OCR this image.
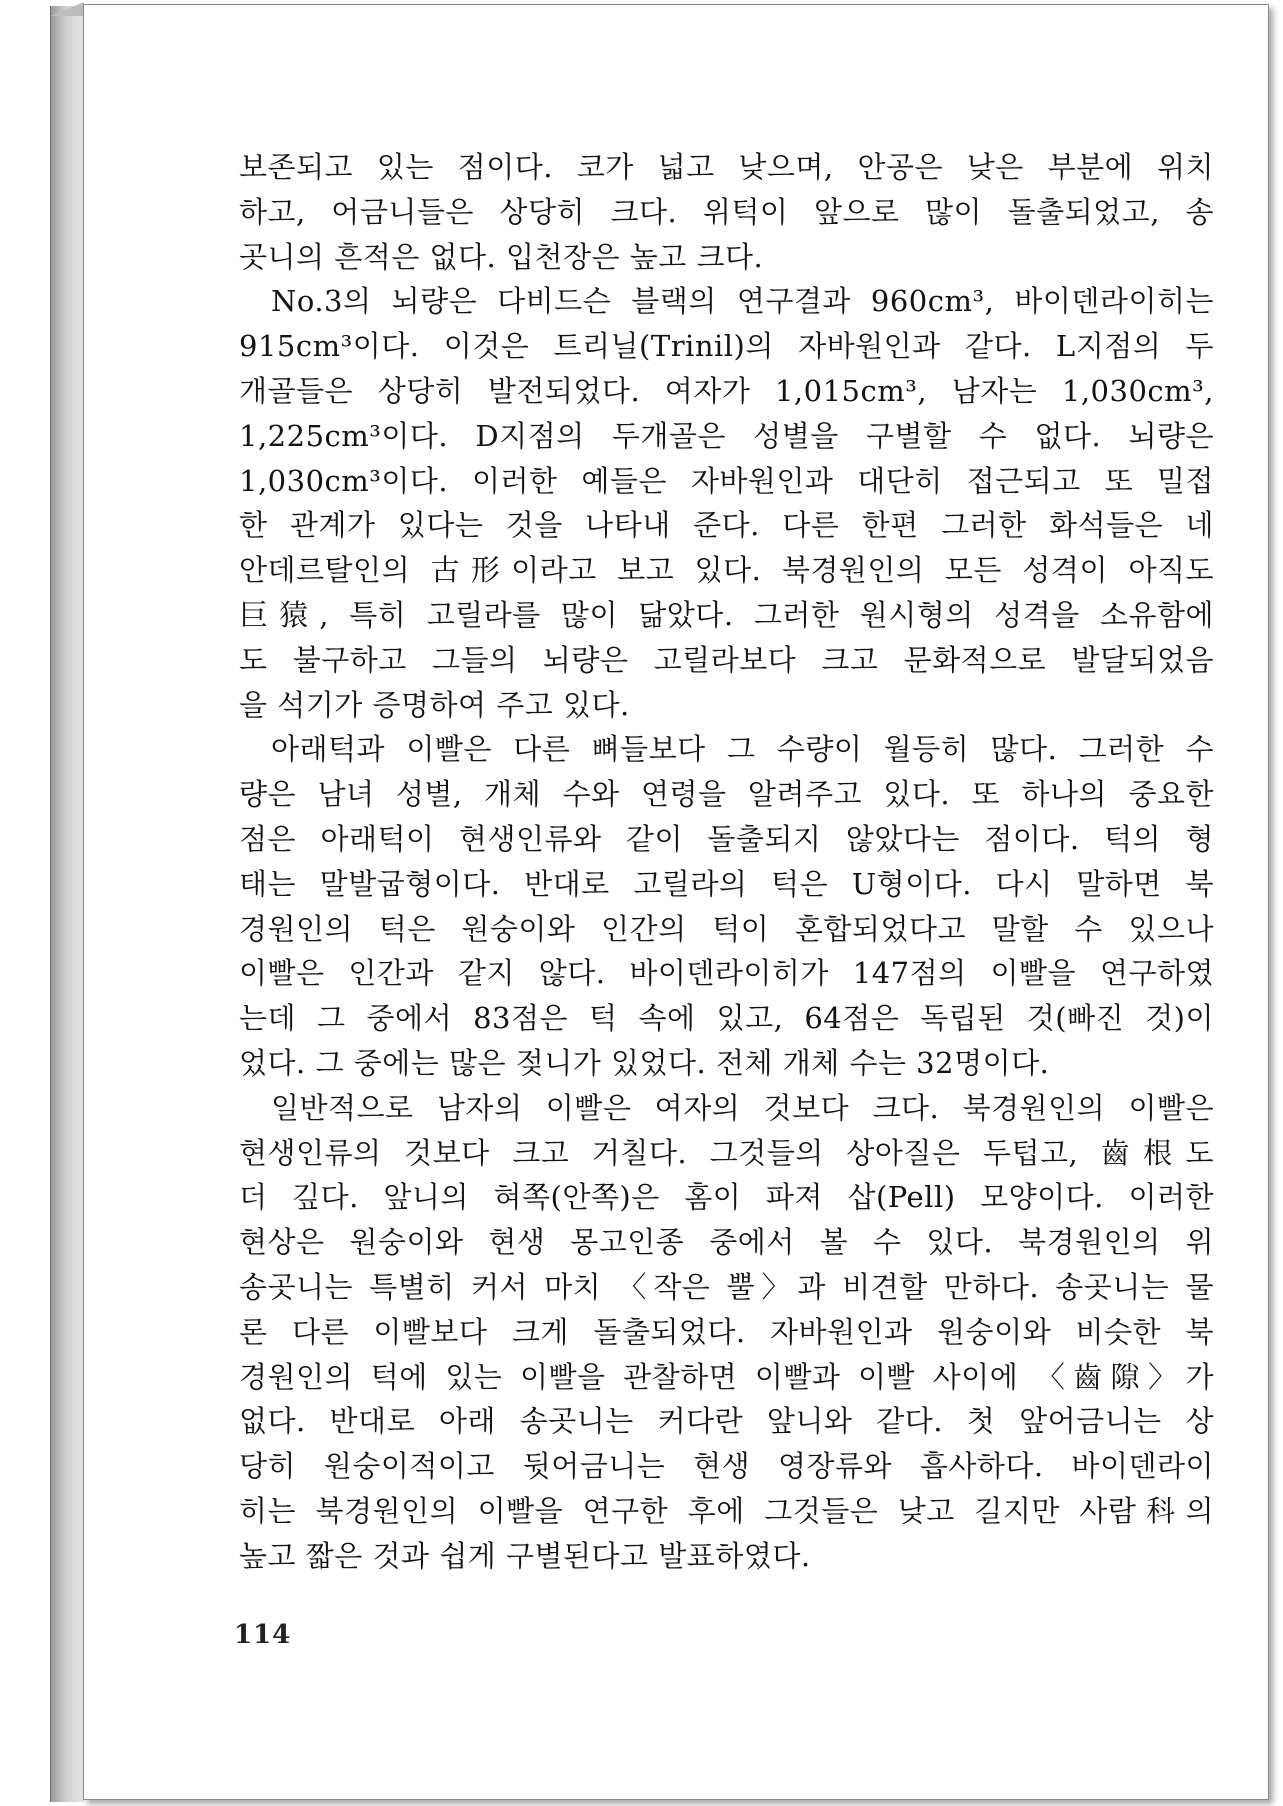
보존되고 있는 점이다. 코가 넓고 낮으며, 안공은 낮은 부분에 위치
하고, 어금니들은 상당히 크다. 위턱이 앞으로 많이 돌출되었고, 송
곳니의 흔적은 없다. 입천장은 높고 크다.
No.3의 뇌량은 다비드슨 블랙의 연구결과 960cm³, 바이덴라이히는
915cm³이다. 이것은 트리닐(Trinil)의 자바원인과 같다. L지점의 두
개골들은 상당히 발전되었다. 여자가 1,015cm³, 남자는 1,030cm³,
1,225cm³이다. D지점의 두개골은 성별을 구별할 수 없다. 뇌량은
1,030cm³이다. 이러한 예들은 자바원인과 대단히 접근되고 또 밀접
한 관계가 있다는 것을 나타내 준다. 다른 한편 그러한 화석들은 네
안데르탈인의 古形이라고 보고 있다. 북경원인의 모든 성격이 아직도
巨猿, 특히 고릴라를 많이 닮았다. 그러한 원시형의 성격을 소유함에
도 불구하고 그들의 뇌량은 고릴라보다 크고 문화적으로 발달되었음
을 석기가 증명하여 주고 있다.
아래턱과 이빨은 다른 뼈들보다 그 수량이 월등히 많다. 그러한 수
량은 남녀 성별, 개체 수와 연령을 알려주고 있다. 또 하나의 중요한
점은 아래턱이 현생인류와 같이 돌출되지 않았다는 점이다. 턱의 형
태는 말발굽형이다. 반대로 고릴라의 턱은 U형이다. 다시 말하면 북
경원인의 턱은 원숭이와 인간의 턱이 혼합되었다고 말할 수 있으나
이빨은 인간과 같지 않다. 바이덴라이히가 147점의 이빨을 연구하였
는데 그 중에서 83점은 턱 속에 있고, 64점은 독립된 것(빠진 것)이
었다. 그 중에는 많은 젖니가 있었다. 전체 개체 수는 32명이다.
일반적으로 남자의 이빨은 여자의 것보다 크다. 북경원인의 이빨은
현생인류의 것보다 크고 거칠다. 그것들의 상아질은 두텁고, 齒根도
더 깊다. 앞니의 혀쪽(안쪽)은 홈이 파져 삽(Pell) 모양이다. 이러한
현상은 원숭이와 현생 몽고인종 중에서 볼 수 있다. 북경원인의 위
송곳니는 특별히 커서 마치 〈작은 뿔〉과 비견할 만하다. 송곳니는 물
론 다른 이빨보다 크게 돌출되었다. 자바원인과 원숭이와 비슷한 북
경원인의 턱에 있는 이빨을 관찰하면 이빨과 이빨 사이에 〈齒隙〉가
없다. 반대로 아래 송곳니는 커다란 앞니와 같다. 첫 앞어금니는 상
당히 원숭이적이고 뒷어금니는 현생 영장류와 흡사하다. 바이덴라이
히는 북경원인의 이빨을 연구한 후에 그것들은 낮고 길지만 사람科의
높고 짧은 것과 쉽게 구별된다고 발표하였다.
114
